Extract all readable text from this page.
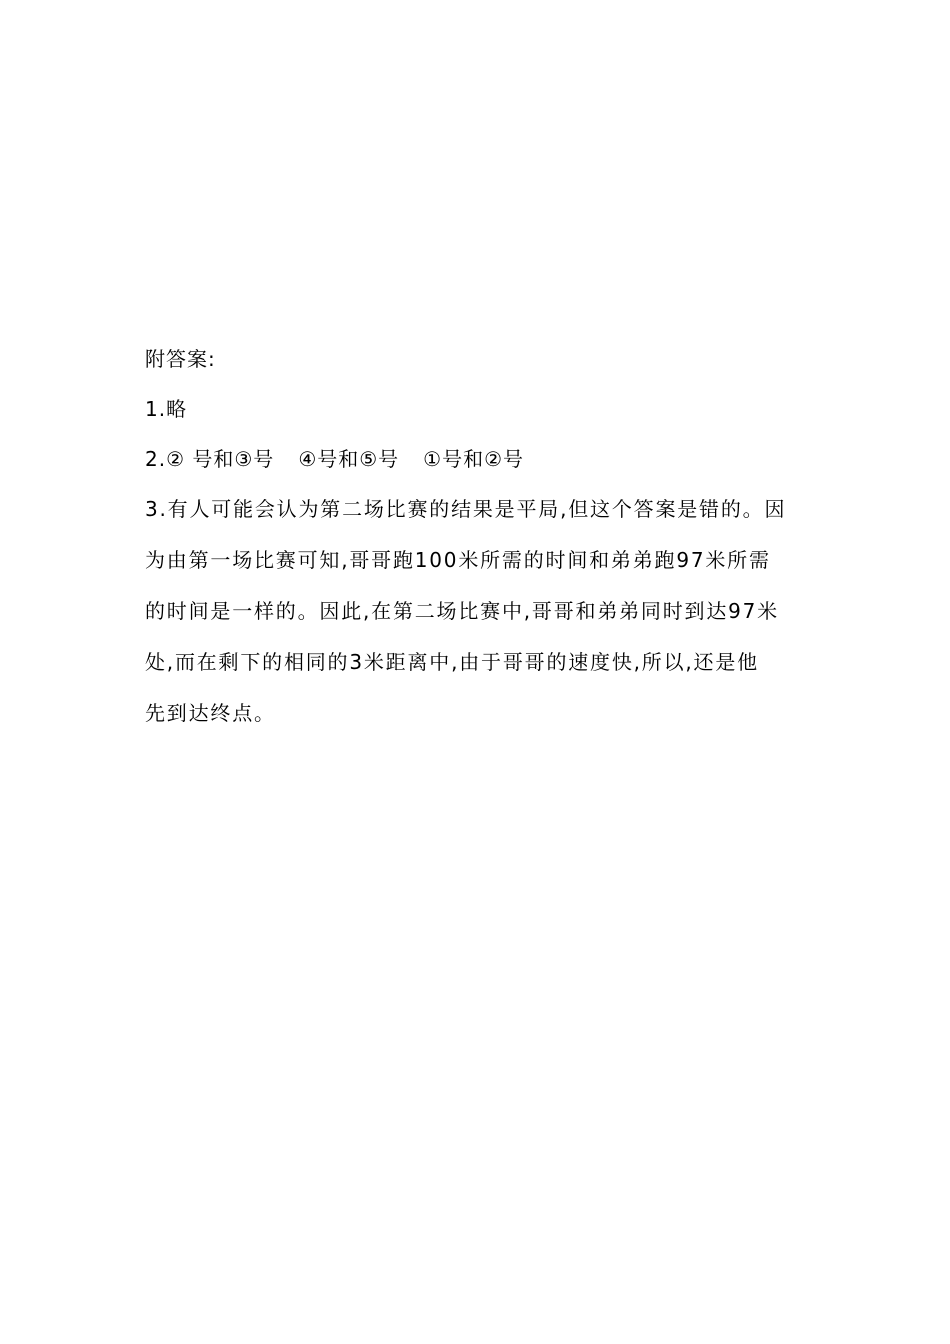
附答案:
1.略
2.② 号和③号 ④号和⑤号 ①号和②号
3.有人可能会认为第二场比赛的结果是平局,但这个答案是错的。因
为由第一场比赛可知,哥哥跑100米所需的时间和弟弟跑97米所需
的时间是一样的。因此,在第二场比赛中,哥哥和弟弟同时到达97米
处,而在剩下的相同的3米距离中,由于哥哥的速度快,所以,还是他
先到达终点。
